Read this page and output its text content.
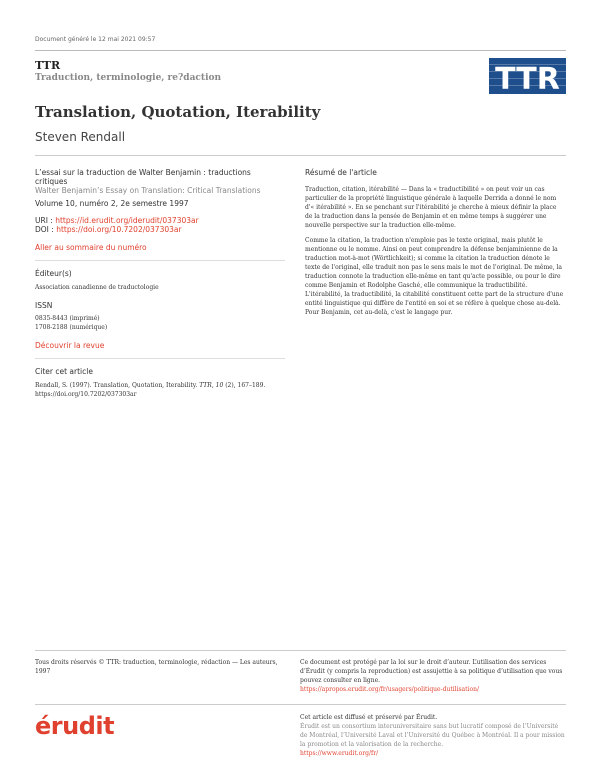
Document généré le 12 mai 2021 09:57
TTR
Traduction, terminologie, re?daction	TTR
Translation, Quotation, Iterability
Steven Rendall

L’essai sur la traduction de Walter Benjamin : traductions critiques

Walter Benjamin’s Essay on Translation: Critical Translations

Volume 10, numéro 2, 2e semestre 1997

URI : https://id.erudit.org/iderudit/037303ar

DOI : https://doi.org/10.7202/037303ar

Aller au sommaire du numéro

Éditeur(s)

Association canadienne de traductologie

ISSN

0835-8443 (imprimé)

1708-2188 (numérique)

Découvrir la revue

Citer cet article

Rendall, S. (1997). Translation, Quotation, Iterability. TTR, 10 (2), 167–189.
https://doi.org/10.7202/037303ar

Résumé de l'article

Traduction, citation, itérabilité — Dans la « traductibilité » on peut voir un cas particulier de la propriété linguistique générale à laquelle Derrida a donné le nom d'« itérabilité ». En se penchant sur l'itérabilité je cherche à mieux définir la place de la traduction dans la pensée de Benjamin et en même temps à suggérer une nouvelle perspective sur la traduction elle-même.

Comme la citation, la traduction n'emploie pas le texte original, mais plutôt le mentionne ou le nomme. Ainsi on peut comprendre la défense benjaminienne de la traduction mot-à-mot (Wörtlichkeit); si comme la citation la traduction dénote le texte de l'original, elle traduit non pas le sens mais le mot de l'original. De même, la traduction connote la traduction elle-même en tant qu'acte possible, ou pour le dire comme Benjamin et Rodolphe Gasché, elle communique la traductibilité. L'itérabilité, la traductibilité, la citabilité constituent cette part de la structure d'une entité linguistique qui diffère de l'entité en soi et se réfère à quelque chose au-delà. Pour Benjamin, cet au-delà, c'est le langage pur.

Tous droits réservés © TTR: traduction, terminologie, rédaction — Les auteurs, 1997

Ce document est protégé par la loi sur le droit d’auteur. L’utilisation des services d’Érudit (y compris la reproduction) est assujettie à sa politique d’utilisation que vous pouvez consulter en ligne.

https://apropos.erudit.org/fr/usagers/politique-dutilisation/

érudit	Cet article est diffusé et préservé par Érudit.

Érudit est un consortium interuniversitaire sans but lucratif composé de l’Université de Montréal, l’Université Laval et l’Université du Québec à Montréal. Il a pour mission la promotion et la valorisation de la recherche.

https://www.erudit.org/fr/
